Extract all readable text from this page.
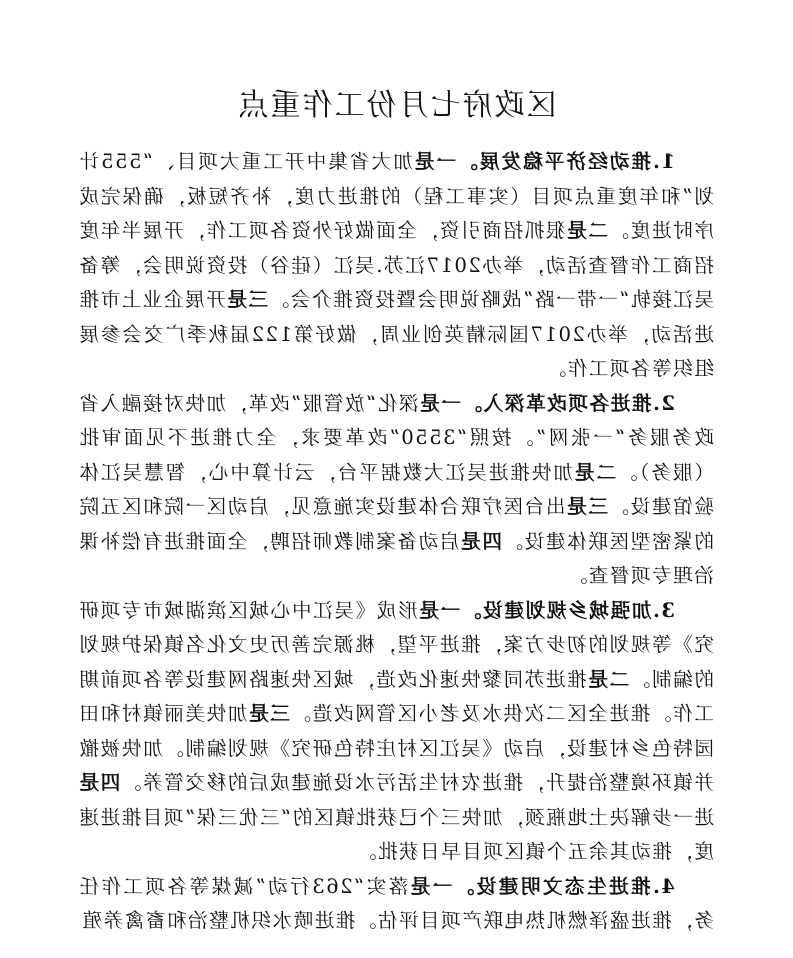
区政府七月份工作重点

1.推动经济平稳发展。一是加大省集中开工重大项目、“555计划”和年度重点项目（实事工程）的推进力度，补齐短板，确保完成序时进度。二是狠抓招商引资，全面做好外资各项工作，开展半年度招商工作督查活动，举办2017江苏.吴江（硅谷）投资说明会，筹备吴江接轨“一带一路”战略说明会暨投资推介会。三是开展企业上市推进活动，举办2017国际精英创业周，做好第122届秋季广交会参展组织等各项工作。

2.推进各项改革深入。一是深化“放管服”改革，加快对接融入省政务服务“一张网”。按照“3550”改革要求，全力推进不见面审批（服务）。二是加快推进吴江大数据平台，云计算中心，智慧吴江体验馆建设。三是出台医疗联合体建设实施意见，启动区一院和区五院的紧密型医联体建设。四是启动备案制教师招聘，全面推进有偿补课治理专项督查。

3.加强城乡规划建设。一是形成《吴江中心城区滨湖城市专项研究》等规划的初步方案，推进平望，桃源完善历史文化名镇保护规划的编制。二是推进苏同黎快速化改造，城区快速路网建设等各项前期工作。推进全区二次供水及老小区管网改造。三是加快美丽镇村和田园特色乡村建设，启动《吴江区村庄特色研究》规划编制。加快被撤并镇环境整治提升，推进农村生活污水设施建成后的移交管养。四是进一步解决土地瓶颈，加快三个已获批镇区的“三优三保”项目推进速度，推动其余五个镇区项目早日获批。

4.推进生态文明建设。一是落实“263行动”减煤等各项工作任务，推进盛泽燃机热电联产项目评估。推进喷水织机整治和畜禽养殖
